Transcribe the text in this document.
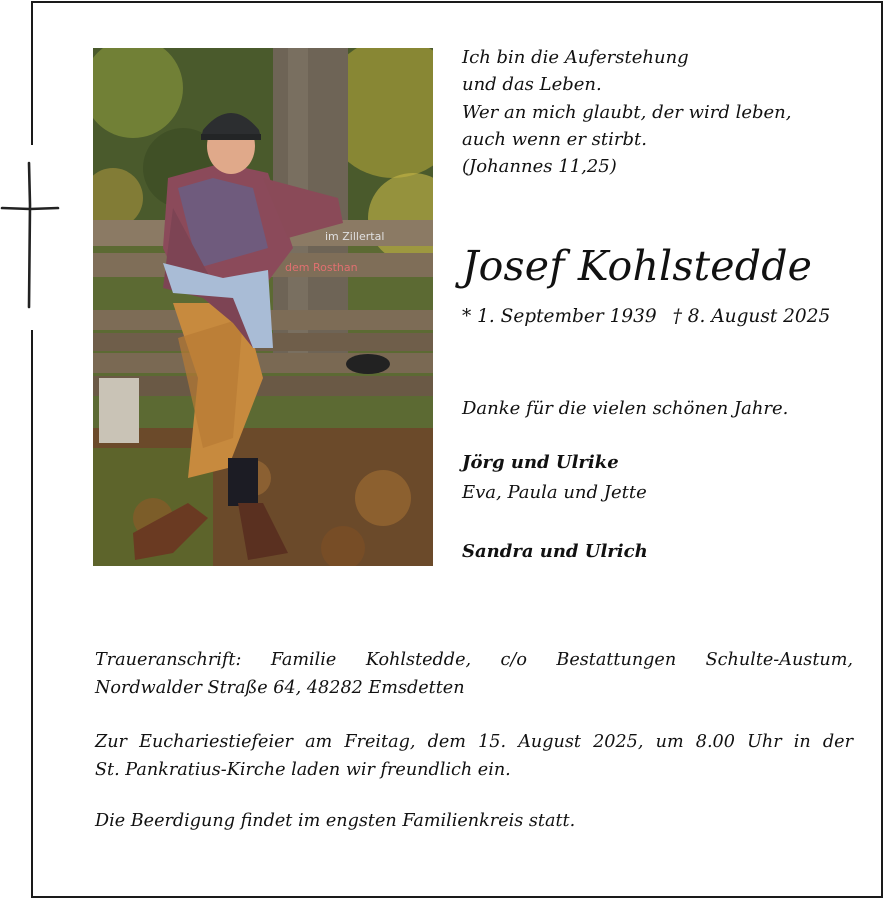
im Zillertal
dem Rosthan
Ich bin die Auferstehung
und das Leben.
Wer an mich glaubt, der wird leben,
auch wenn er stirbt.
(Johannes 11,25)
Josef Kohlstedde
* 1. September 1939 † 8. August 2025
Danke für die vielen schönen Jahre.
Jörg und Ulrike
Eva, Paula und Jette
Sandra und Ulrich
Traueranschrift: Familie Kohlstedde, c/o Bestattungen Schulte-Austum,
Nordwalder Straße 64, 48282 Emsdetten
Zur Euchariestiefeier am Freitag, dem 15. August 2025, um 8.00 Uhr in der
St. Pankratius-Kirche laden wir freundlich ein.
Die Beerdigung findet im engsten Familienkreis statt.
